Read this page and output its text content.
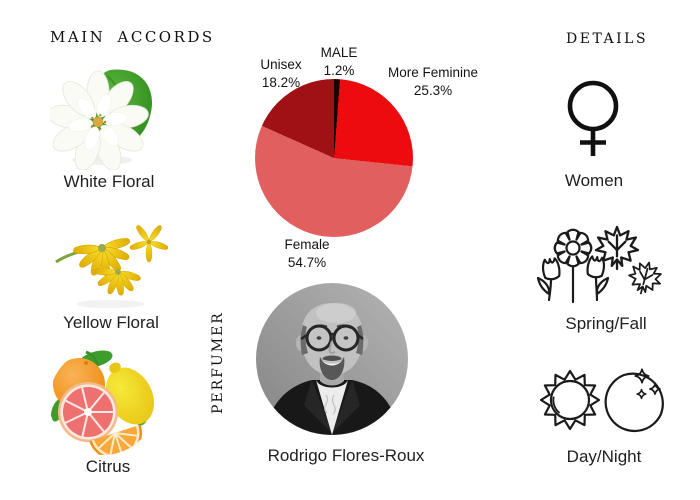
MAIN ACCORDS
White Floral
Yellow Floral
Citrus
MALE
1.2%
Unisex
18.2%
More Feminine
25.3%
Female
54.7%
PERFUMER
Rodrigo Flores-Roux
DETAILS
Women
Spring/Fall
Day/Night
